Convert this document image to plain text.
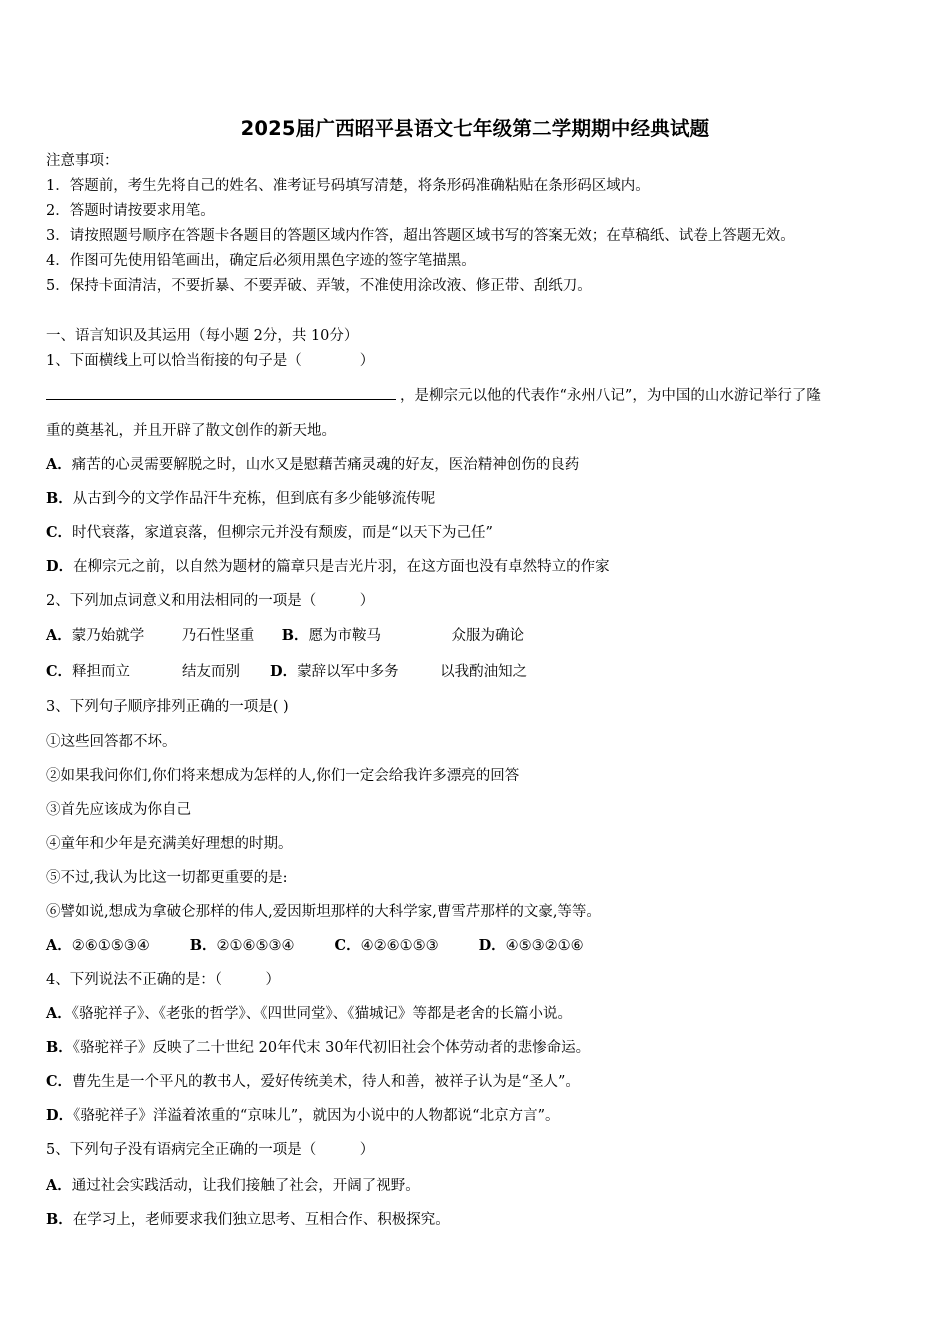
2025届广西昭平县语文七年级第二学期期中经典试题
注意事项：
1．答题前，考生先将自己的姓名、准考证号码填写清楚，将条形码准确粘贴在条形码区域内。
2．答题时请按要求用笔。
3．请按照题号顺序在答题卡各题目的答题区域内作答，超出答题区域书写的答案无效；在草稿纸、试卷上答题无效。
4．作图可先使用铅笔画出，确定后必须用黑色字迹的签字笔描黑。
5．保持卡面清洁，不要折暴、不要弄破、弄皱，不准使用涂改液、修正带、刮纸刀。
一、语言知识及其运用（每小题 2分，共 10分）
1、下面横线上可以恰当衔接的句子是（　　　　）
，是柳宗元以他的代表作“永州八记”，为中国的山水游记举行了隆
重的奠基礼，并且开辟了散文创作的新天地。
A．痛苦的心灵需要解脱之时，山水又是慰藉苦痛灵魂的好友，医治精神创伤的良药
B．从古到今的文学作品汗牛充栋，但到底有多少能够流传呢
C．时代衰落，家道哀落，但柳宗元并没有颓废，而是“以天下为己任”
D．在柳宗元之前，以自然为题材的篇章只是吉光片羽，在这方面也没有卓然特立的作家
2、下列加点词意义和用法相同的一项是（　　　）
A．蒙乃始就学	乃石性坚重 B．愿为市鞍马	众服为确论
C．释担而立	结友而别 D．蒙辞以军中多务	以我酌油知之
3、下列句子顺序排列正确的一项是( )
①这些回答都不坏。
②如果我问你们,你们将来想成为怎样的人,你们一定会给我许多漂亮的回答
③首先应该成为你自己
④童年和少年是充满美好理想的时期。
⑤不过,我认为比这一切都更重要的是:
⑥譬如说,想成为拿破仑那样的伟人,爱因斯坦那样的大科学家,曹雪芹那样的文豪,等等。
A．②⑥①⑤③④	B．②①⑥⑤③④	C．④②⑥①⑤③	D．④⑤③②①⑥
4、下列说法不正确的是：（　　　）
A．《骆驼祥子》、《老张的哲学》、《四世同堂》、《猫城记》等都是老舍的长篇小说。
B．《骆驼祥子》反映了二十世纪 20年代末 30年代初旧社会个体劳动者的悲惨命运。
C．曹先生是一个平凡的教书人，爱好传统美术，待人和善，被祥子认为是“圣人”。
D．《骆驼祥子》洋溢着浓重的“京味儿”，就因为小说中的人物都说“北京方言”。
5、下列句子没有语病完全正确的一项是（　　　）
A．通过社会实践活动，让我们接触了社会，开阔了视野。
B．在学习上，老师要求我们独立思考、互相合作、积极探究。
